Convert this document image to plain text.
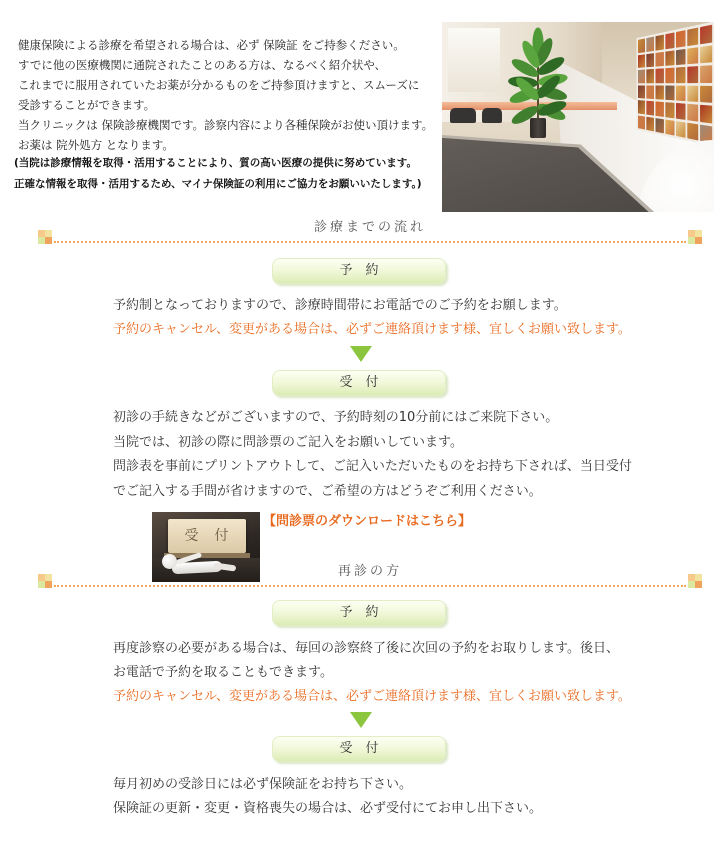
健康保険による診療を希望される場合は、必ず 保険証 をご持参ください。
すでに他の医療機関に通院されたことのある方は、なるべく紹介状や、
これまでに服用されていたお薬が分かるものをご持参頂けますと、スムーズに
受診することができます。
当クリニックは 保険診療機関です。診察内容により各種保険がお使い頂けます。
お薬は 院外処方 となります。
(当院は診療情報を取得・活用することにより、質の高い医療の提供に努めています。
正確な情報を取得・活用するため、マイナ保険証の利用にご協力をお願いいたします。)
診療までの流れ
予　約
予約制となっておりますので、診療時間帯にお電話でのご予約をお願します。
予約のキャンセル、変更がある場合は、必ずご連絡頂けます様、宜しくお願い致します。
受　付
初診の手続きなどがございますので、予約時刻の10分前にはご来院下さい。
当院では、初診の際に問診票のご記入をお願いしています。
問診表を事前にプリントアウトして、ご記入いただいたものをお持ち下されば、当日受付
でご記入する手間が省けますので、ご希望の方はどうぞご利用ください。
受　付
【問診票のダウンロードはこちら】
再診の方
予　約
再度診察の必要がある場合は、毎回の診察終了後に次回の予約をお取りします。後日、
お電話で予約を取ることもできます。
予約のキャンセル、変更がある場合は、必ずご連絡頂けます様、宜しくお願い致します。
受　付
毎月初めの受診日には必ず保険証をお持ち下さい。
保険証の更新・変更・資格喪失の場合は、必ず受付にてお申し出下さい。
